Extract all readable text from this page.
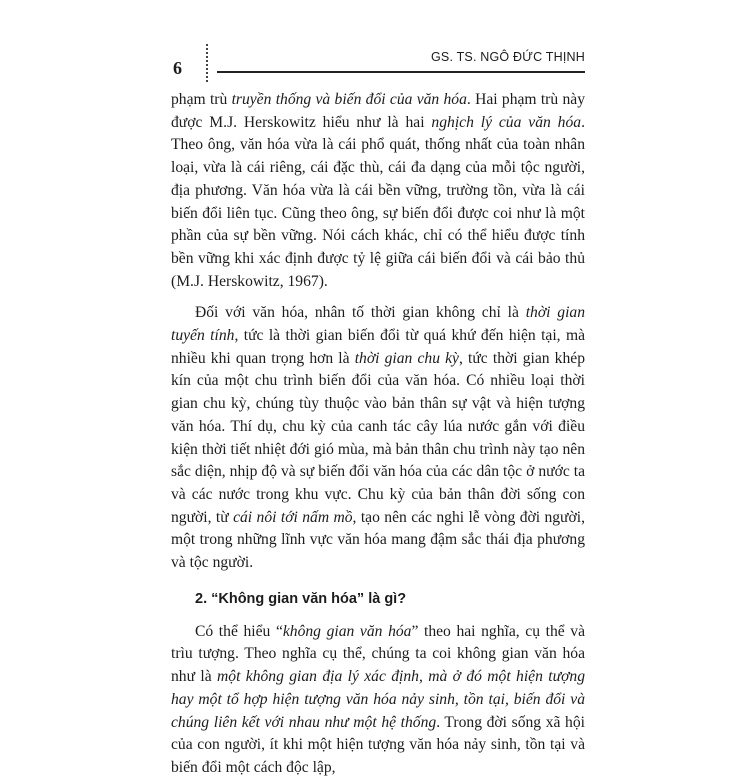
6
GS. TS. NGÔ ĐỨC THỊNH

phạm trù truyền thống và biến đổi của văn hóa. Hai phạm trù này được M.J. Herskowitz hiểu như là hai nghịch lý của văn hóa. Theo ông, văn hóa vừa là cái phổ quát, thống nhất của toàn nhân loại, vừa là cái riêng, cái đặc thù, cái đa dạng của mỗi tộc người, địa phương. Văn hóa vừa là cái bền vững, trường tồn, vừa là cái biến đổi liên tục. Cũng theo ông, sự biến đổi được coi như là một phần của sự bền vững. Nói cách khác, chỉ có thể hiểu được tính bền vững khi xác định được tỷ lệ giữa cái biến đổi và cái bảo thủ (M.J. Herskowitz, 1967).

Đối với văn hóa, nhân tố thời gian không chỉ là thời gian tuyến tính, tức là thời gian biến đổi từ quá khứ đến hiện tại, mà nhiều khi quan trọng hơn là thời gian chu kỳ, tức thời gian khép kín của một chu trình biến đổi của văn hóa. Có nhiều loại thời gian chu kỳ, chúng tùy thuộc vào bản thân sự vật và hiện tượng văn hóa. Thí dụ, chu kỳ của canh tác cây lúa nước gắn với điều kiện thời tiết nhiệt đới gió mùa, mà bản thân chu trình này tạo nên sắc diện, nhịp độ và sự biến đổi văn hóa của các dân tộc ở nước ta và các nước trong khu vực. Chu kỳ của bản thân đời sống con người, từ cái nôi tới nấm mồ, tạo nên các nghi lễ vòng đời người, một trong những lĩnh vực văn hóa mang đậm sắc thái địa phương và tộc người.

2. “Không gian văn hóa” là gì?

Có thể hiểu “không gian văn hóa” theo hai nghĩa, cụ thể và trìu tượng. Theo nghĩa cụ thể, chúng ta coi không gian văn hóa như là một không gian địa lý xác định, mà ở đó một hiện tượng hay một tổ hợp hiện tượng văn hóa nảy sinh, tồn tại, biến đổi và chúng liên kết với nhau như một hệ thống. Trong đời sống xã hội của con người, ít khi một hiện tượng văn hóa nảy sinh, tồn tại và biến đổi một cách độc lập,
